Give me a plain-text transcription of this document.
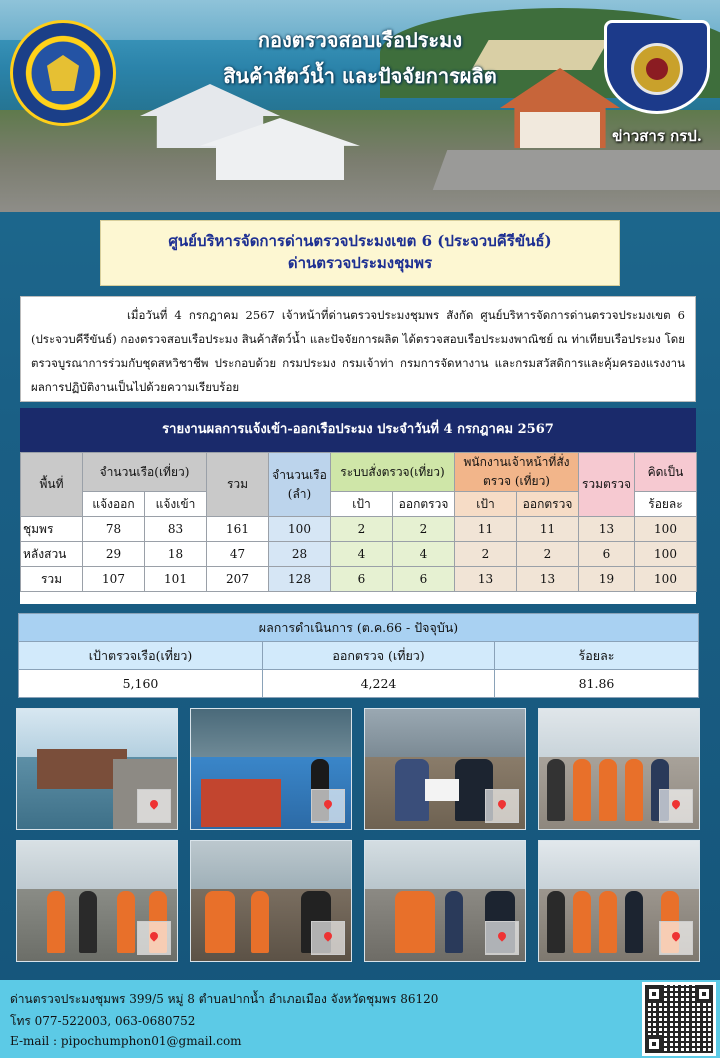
กองตรวจสอบเรือประมง
สินค้าสัตว์น้ำ และปัจจัยการผลิต
ข่าวสาร กรป.
ศูนย์บริหารจัดการด่านตรวจประมงเขต 6 (ประจวบคีรีขันธ์)
ด่านตรวจประมงชุมพร
เมื่อวันที่ 4 กรกฎาคม 2567 เจ้าหน้าที่ด่านตรวจประมงชุมพร สังกัด ศูนย์บริหารจัดการด่านตรวจประมงเขต 6 (ประจวบคีรีขันธ์) กองตรวจสอบเรือประมง สินค้าสัตว์น้ำ และปัจจัยการผลิต ได้ตรวจสอบเรือประมงพาณิชย์ ณ ท่าเทียบเรือประมง โดยตรวจบูรณาการร่วมกับชุดสหวิชาชีพ ประกอบด้วย กรมประมง กรมเจ้าท่า กรมการจัดหางาน และกรมสวัสดิการและคุ้มครองแรงงาน ผลการปฏิบัติงานเป็นไปด้วยความเรียบร้อย
รายงานผลการแจ้งเข้า-ออกเรือประมง ประจำวันที่ 4 กรกฎาคม 2567
พื้นที่	จำนวนเรือ(เที่ยว)		รวม	จำนวนเรือ
(ลำ)	ระบบสั่งตรวจ(เที่ยว)		พนักงานเจ้าหน้าที่สั่ง
ตรวจ (เที่ยว)		รวมตรวจ	คิดเป็น
	แจ้งออก	แจ้งเข้า			เป้า	ออกตรวจ	เป้า	ออกตรวจ		ร้อยละ
ชุมพร	78	83	161	100	2	2	11	11	13	100
หลังสวน	29	18	47	28	4	4	2	2	6	100
รวม	107	101	207	128	6	6	13	13	19	100
ผลการดำเนินการ (ต.ค.66 - ปัจจุบัน)		
เป้าตรวจเรือ(เที่ยว)	ออกตรวจ (เที่ยว)	ร้อยละ
5,160	4,224	81.86
ด่านตรวจประมงชุมพร 399/5 หมู่ 8 ตำบลปากน้ำ อำเภอเมือง จังหวัดชุมพร 86120
โทร 077-522003, 063-0680752
E-mail : pipochumphon01@gmail.com
